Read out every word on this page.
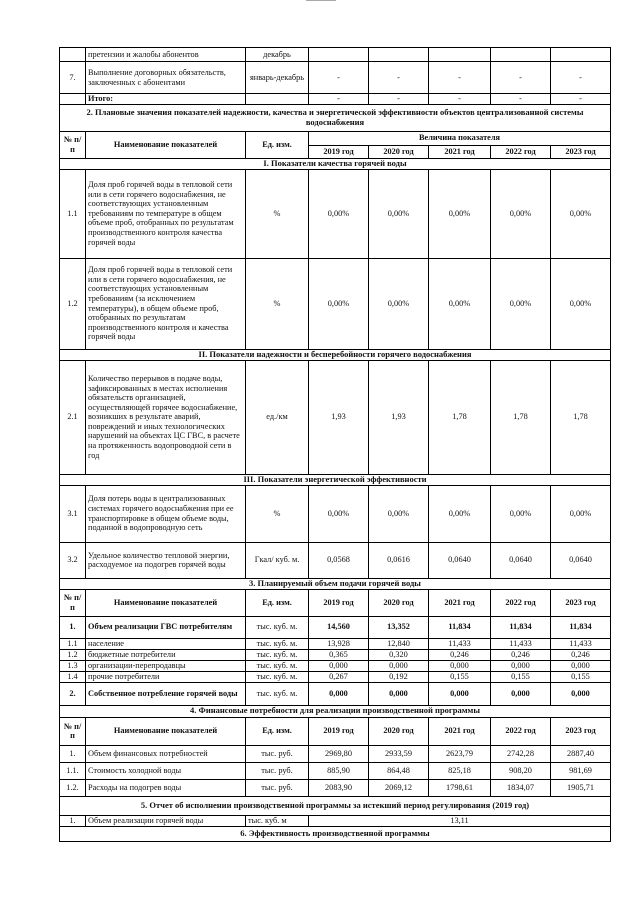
	претензии и жалобы абонентов	декабрь					
7.	Выполнение договорных обязательств, заключенных с абонентами	январь-декабрь	-	-	-	-	-
	Итого:		-	-	-	-	-
2. Плановые значения показателей надежности, качества и энергетической эффективности объектов централизованной системы водоснабжения							
№ п/п	Наименование показателей	Ед. изм.	Величина показателя				
			2019 год	2020 год	2021 год	2022 год	2023 год
I. Показатели качества горячей воды							
1.1	Доля проб горячей воды в тепловой сети или в сети горячего водоснабжения, не соответствующих установленным требованиям по температуре в общем объеме проб, отобранных по результатам производственного контроля качества горячей воды	%	0,00%	0,00%	0,00%	0,00%	0,00%
1.2	Доля проб горячей воды в тепловой сети или в сети горячего водоснабжения, не соответствующих установленным требованиям (за исключением температуры), в общем объеме проб, отобранных по результатам производственного контроля и качества горячей воды	%	0,00%	0,00%	0,00%	0,00%	0,00%
II. Показатели надежности и бесперебойности горячего водоснабжения							
2.1	Количество перерывов в подаче воды, зафиксированных в местах исполнения обязательств организацией, осуществляющей горячее водоснабжение, возникших в результате аварий, повреждений и иных технологических нарушений на объектах ЦС ГВС, в расчете на протяженность водопроводной сети в год	ед./км	1,93	1,93	1,78	1,78	1,78
III. Показатели энергетической эффективности							
3.1	Доля потерь воды в централизованных системах горячего водоснабжения при ее транспортировке в общем объеме воды, поданной в водопроводную сеть	%	0,00%	0,00%	0,00%	0,00%	0,00%
3.2	Удельное количество тепловой энергии, расходуемое на подогрев горячей воды	Гкал/ куб. м.	0,0568	0,0616	0,0640	0,0640	0,0640
3. Планируемый объем подачи горячей воды							
№ п/п	Наименование показателей	Ед. изм.	2019 год	2020 год	2021 год	2022 год	2023 год
1.	Объем реализации ГВС потребителям	тыс. куб. м.	14,560	13,352	11,834	11,834	11,834
1.1	население	тыс. куб. м.	13,928	12,840	11,433	11,433	11,433
1.2	бюджетные потребители	тыс. куб. м.	0,365	0,320	0,246	0,246	0,246
1.3	организации-перепродавцы	тыс. куб. м.	0,000	0,000	0,000	0,000	0,000
1.4	прочие потребители	тыс. куб. м.	0,267	0,192	0,155	0,155	0,155
2.	Собственное потребление горячей воды	тыс. куб. м.	0,000	0,000	0,000	0,000	0,000
4. Финансовые потребности для реализации производственной программы							
№ п/п	Наименование показателей	Ед. изм.	2019 год	2020 год	2021 год	2022 год	2023 год
1.	Объем финансовых потребностей	тыс. руб.	2969,80	2933,59	2623,79	2742,28	2887,40
1.1.	Стоимость холодной воды	тыс. руб.	885,90	864,48	825,18	908,20	981,69
1.2.	Расходы на подогрев воды	тыс. руб.	2083,90	2069,12	1798,61	1834,07	1905,71
5. Отчет об исполнении производственной программы за истекший период регулирования (2019 год)							
1.	Объем реализации горячей воды	тыс. куб. м	13,11				
6. Эффективность производственной программы							
